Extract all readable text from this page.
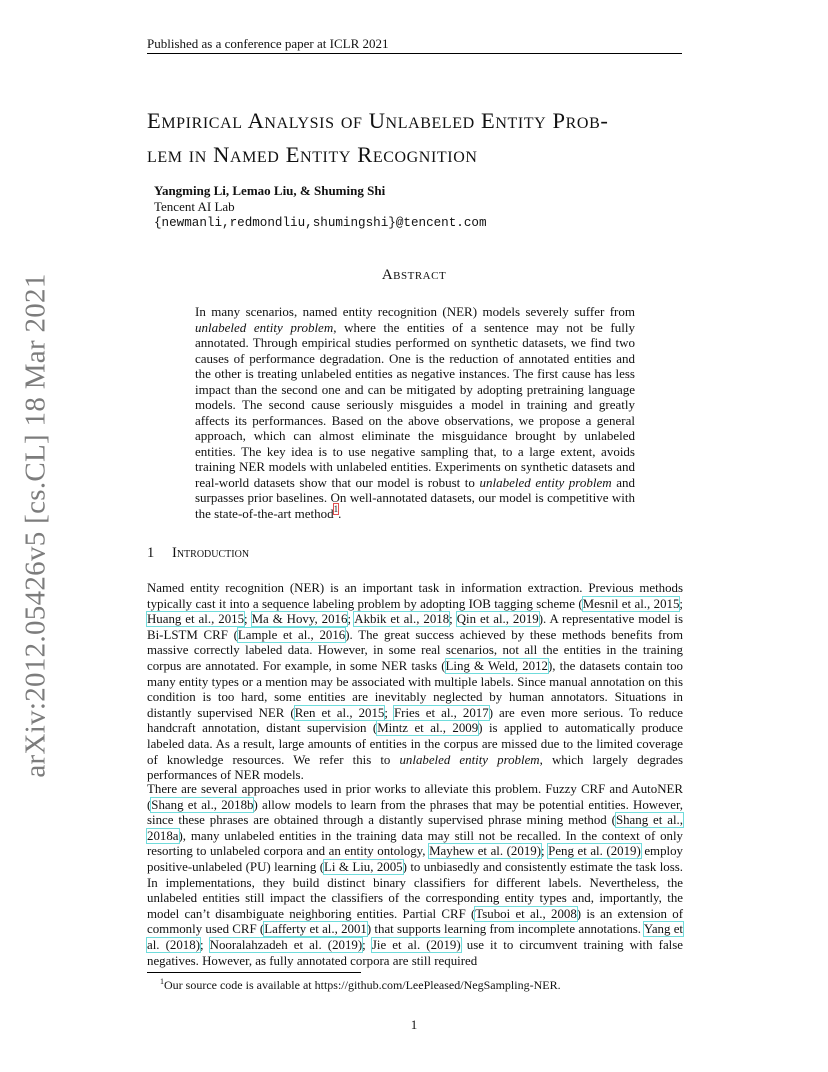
Published as a conference paper at ICLR 2021
arXiv:2012.05426v5 [cs.CL] 18 Mar 2021
Empirical Analysis of Unlabeled Entity Prob-
lem in Named Entity Recognition
Yangming Li, Lemao Liu, & Shuming Shi
Tencent AI Lab
{newmanli,redmondliu,shumingshi}@tencent.com
Abstract
In many scenarios, named entity recognition (NER) models severely suffer from unlabeled entity problem, where the entities of a sentence may not be fully annotated. Through empirical studies performed on synthetic datasets, we find two causes of performance degradation. One is the reduction of annotated entities and the other is treating unlabeled entities as negative instances. The first cause has less impact than the second one and can be mitigated by adopting pretraining language models. The second cause seriously misguides a model in training and greatly affects its performances. Based on the above observations, we propose a general approach, which can almost eliminate the misguidance brought by unlabeled entities. The key idea is to use negative sampling that, to a large extent, avoids training NER models with unlabeled entities. Experiments on synthetic datasets and real-world datasets show that our model is robust to unlabeled entity problem and surpasses prior baselines. On well-annotated datasets, our model is competitive with the state-of-the-art method$^1$.
1 Introduction
Named entity recognition (NER) is an important task in information extraction. Previous methods typically cast it into a sequence labeling problem by adopting IOB tagging scheme (Mesnil et al., 2015; Huang et al., 2015; Ma & Hovy, 2016; Akbik et al., 2018; Qin et al., 2019). A representative model is Bi-LSTM CRF (Lample et al., 2016). The great success achieved by these methods benefits from massive correctly labeled data. However, in some real scenarios, not all the entities in the training corpus are annotated. For example, in some NER tasks (Ling & Weld, 2012), the datasets contain too many entity types or a mention may be associated with multiple labels. Since manual annotation on this condition is too hard, some entities are inevitably neglected by human annotators. Situations in distantly supervised NER (Ren et al., 2015; Fries et al., 2017) are even more serious. To reduce handcraft annotation, distant supervision (Mintz et al., 2009) is applied to automatically produce labeled data. As a result, large amounts of entities in the corpus are missed due to the limited coverage of knowledge resources. We refer this to unlabeled entity problem, which largely degrades performances of NER models.
There are several approaches used in prior works to alleviate this problem. Fuzzy CRF and AutoNER (Shang et al., 2018b) allow models to learn from the phrases that may be potential entities. However, since these phrases are obtained through a distantly supervised phrase mining method (Shang et al., 2018a), many unlabeled entities in the training data may still not be recalled. In the context of only resorting to unlabeled corpora and an entity ontology, Mayhew et al. (2019); Peng et al. (2019) employ positive-unlabeled (PU) learning (Li & Liu, 2005) to unbiasedly and consistently estimate the task loss. In implementations, they build distinct binary classifiers for different labels. Nevertheless, the unlabeled entities still impact the classifiers of the corresponding entity types and, importantly, the model can’t disambiguate neighboring entities. Partial CRF (Tsuboi et al., 2008) is an extension of commonly used CRF (Lafferty et al., 2001) that supports learning from incomplete annotations. Yang et al. (2018); Nooralahzadeh et al. (2019); Jie et al. (2019) use it to circumvent training with false negatives. However, as fully annotated corpora are still required
$^1$Our source code is available at https://github.com/LeePleased/NegSampling-NER.
1
